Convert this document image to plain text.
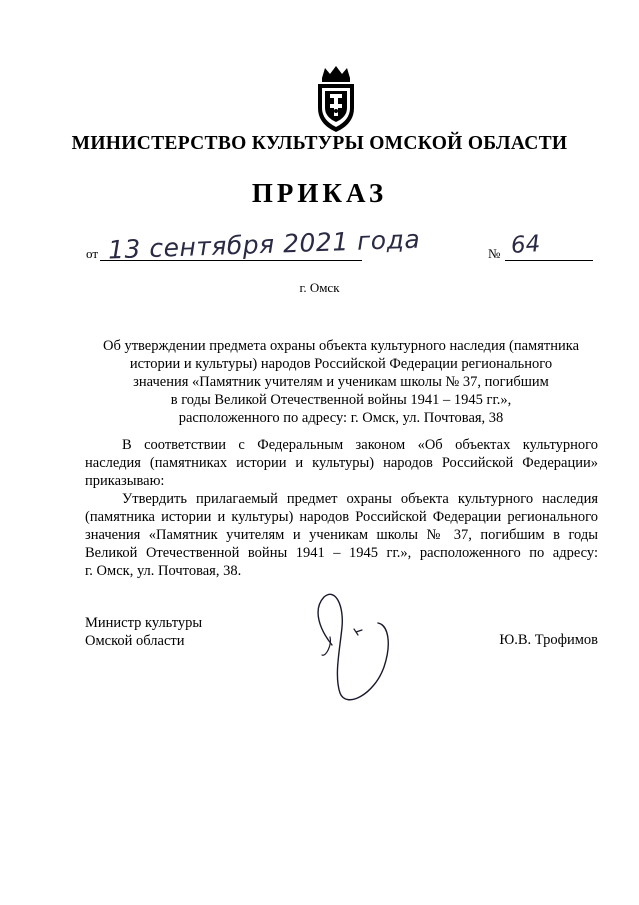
МИНИСТЕРСТВО КУЛЬТУРЫ ОМСКОЙ ОБЛАСТИ
ПРИКАЗ
от 13 сентября 2021 года	№ 64
г. Омск
Об утверждении предмета охраны объекта культурного наследия (памятника
истории и культуры) народов Российской Федерации регионального
значения «Памятник учителям и ученикам школы № 37, погибшим
в годы Великой Отечественной войны 1941 – 1945 гг.»,
расположенного по адресу: г. Омск, ул. Почтовая, 38
В соответствии с Федеральным законом «Об объектах культурного
наследия (памятниках истории и культуры) народов Российской Федерации»
приказываю:
Утвердить прилагаемый предмет охраны объекта культурного наследия
(памятника истории и культуры) народов Российской Федерации регионального
значения «Памятник учителям и ученикам школы № 37, погибшим в годы
Великой Отечественной войны 1941 – 1945 гг.», расположенного по адресу:
г. Омск, ул. Почтовая, 38.
Министр культуры
Омской области	Ю.В. Трофимов
